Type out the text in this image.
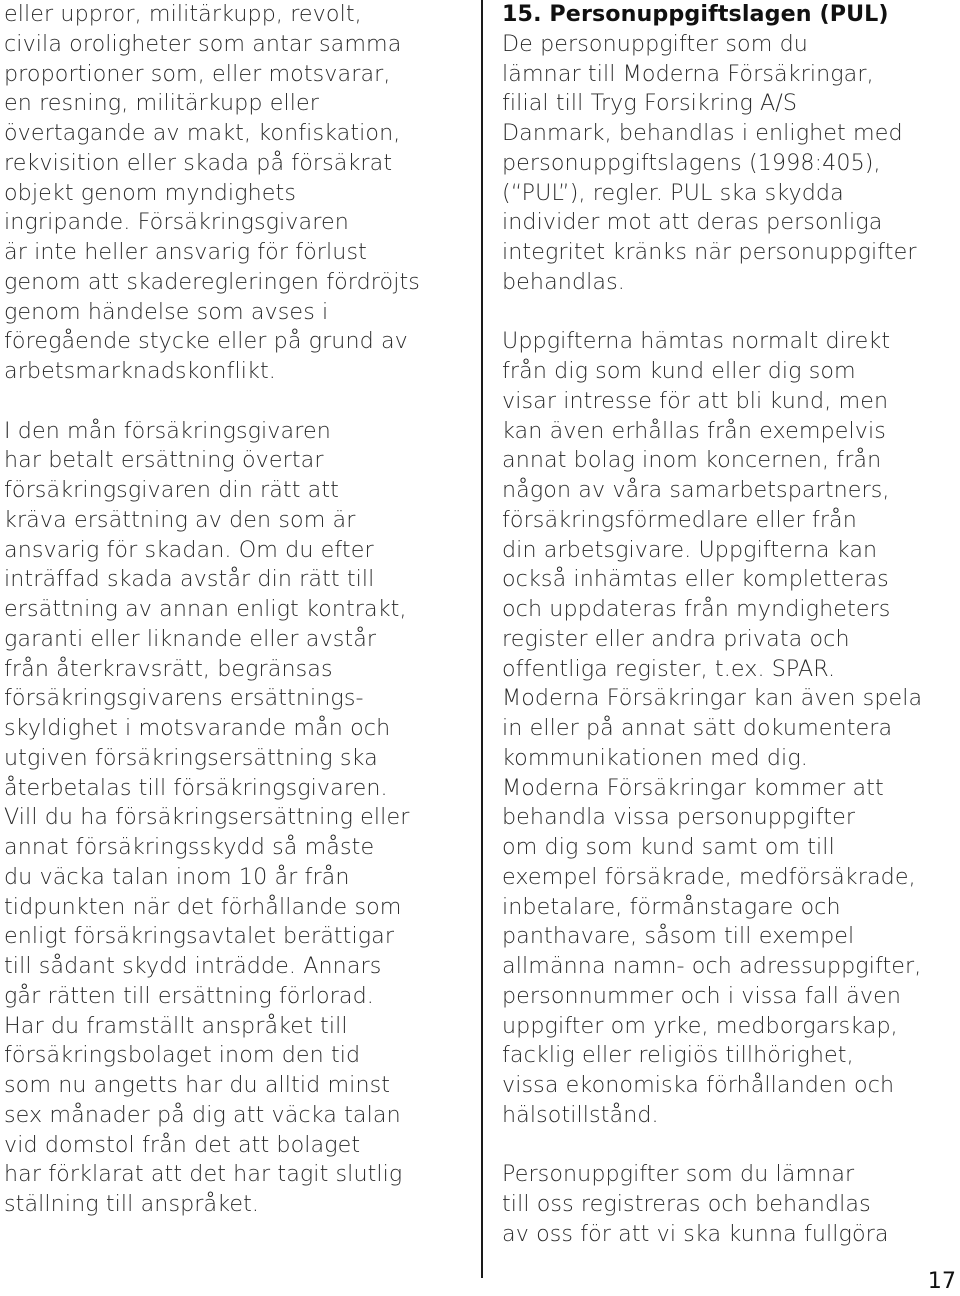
eller uppror, militärkupp, revolt,
civila oroligheter som antar samma
proportioner som, eller motsvarar,
en resning, militärkupp eller
övertagande av makt, konfiskation,
rekvisition eller skada på försäkrat
objekt genom myndighets
ingripande. Försäkringsgivaren
är inte heller ansvarig för förlust
genom att skaderegleringen fördröjts
genom händelse som avses i
föregående stycke eller på grund av
arbetsmarknadskonflikt.
I den mån försäkringsgivaren
har betalt ersättning övertar
försäkringsgivaren din rätt att
kräva ersättning av den som är
ansvarig för skadan. Om du efter
inträffad skada avstår din rätt till
ersättning av annan enligt kontrakt,
garanti eller liknande eller avstår
från återkravsrätt, begränsas
försäkringsgivarens ersättnings-
skyldighet i motsvarande mån och
utgiven försäkringsersättning ska
återbetalas till försäkringsgivaren.
Vill du ha försäkringsersättning eller
annat försäkringsskydd så måste
du väcka talan inom 10 år från
tidpunkten när det förhållande som
enligt försäkringsavtalet berättigar
till sådant skydd inträdde. Annars
går rätten till ersättning förlorad.
Har du framställt anspråket till
försäkringsbolaget inom den tid
som nu angetts har du alltid minst
sex månader på dig att väcka talan
vid domstol från det att bolaget
har förklarat att det har tagit slutlig
ställning till anspråket.
15. Personuppgiftslagen (PUL)
De personuppgifter som du
lämnar till Moderna Försäkringar,
filial till Tryg Forsikring A/S
Danmark, behandlas i enlighet med
personuppgiftslagens (1998:405),
(“PUL”), regler. PUL ska skydda
individer mot att deras personliga
integritet kränks när personuppgifter
behandlas.
Uppgifterna hämtas normalt direkt
från dig som kund eller dig som
visar intresse för att bli kund, men
kan även erhållas från exempelvis
annat bolag inom koncernen, från
någon av våra samarbetspartners,
försäkringsförmedlare eller från
din arbetsgivare. Uppgifterna kan
också inhämtas eller kompletteras
och uppdateras från myndigheters
register eller andra privata och
offentliga register, t.ex. SPAR.
Moderna Försäkringar kan även spela
in eller på annat sätt dokumentera
kommunikationen med dig.
Moderna Försäkringar kommer att
behandla vissa personuppgifter
om dig som kund samt om till
exempel försäkrade, medförsäkrade,
inbetalare, förmånstagare och
panthavare, såsom till exempel
allmänna namn- och adressuppgifter,
personnummer och i vissa fall även
uppgifter om yrke, medborgarskap,
facklig eller religiös tillhörighet,
vissa ekonomiska förhållanden och
hälsotillstånd.
Personuppgifter som du lämnar
till oss registreras och behandlas
av oss för att vi ska kunna fullgöra
17
